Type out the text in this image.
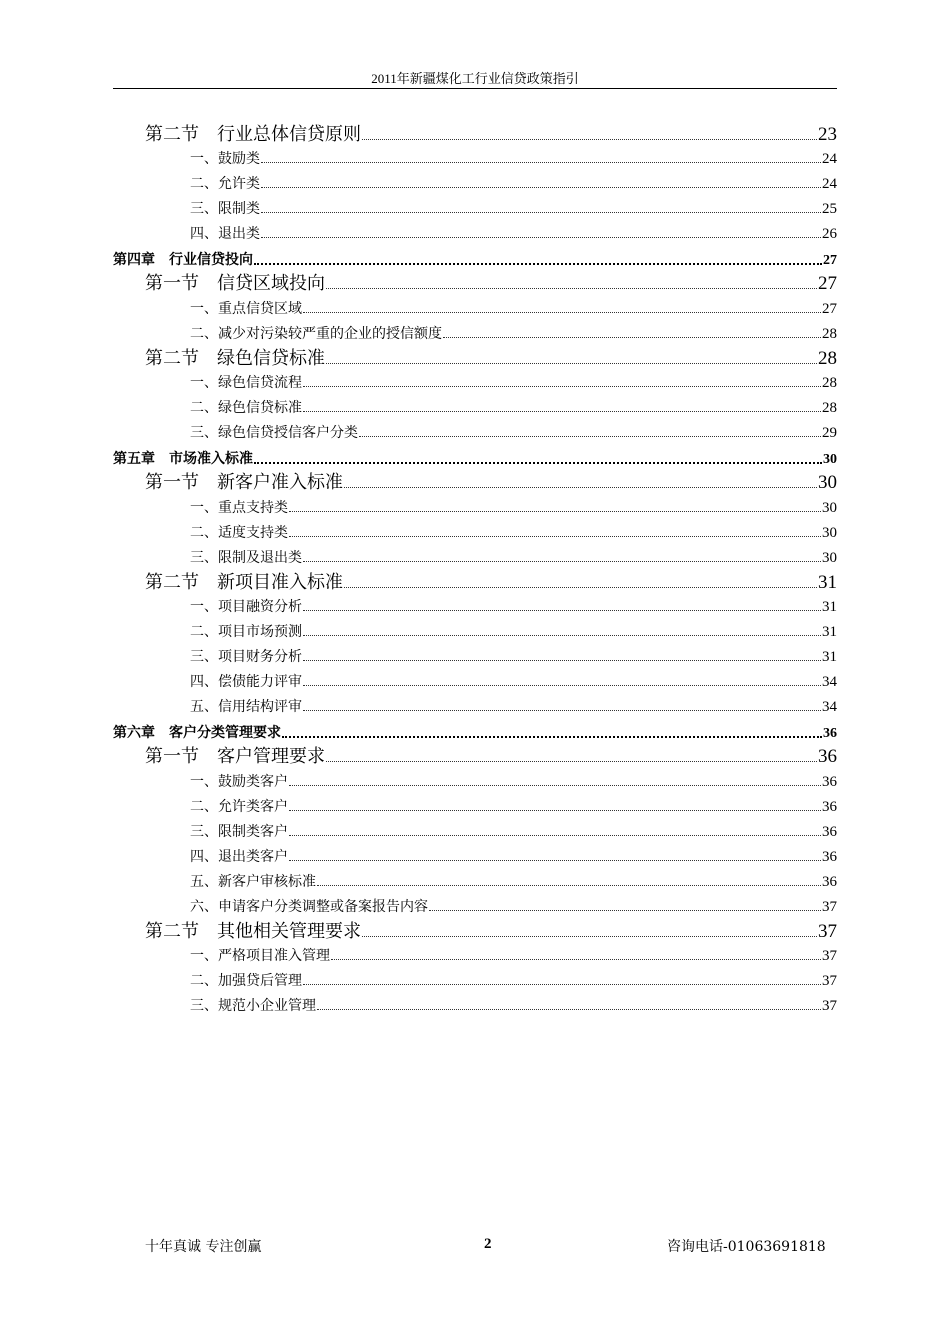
2011年新疆煤化工行业信贷政策指引
第二节　行业总体信贷原则	23
一、鼓励类	24
二、允许类	24
三、限制类	25
四、退出类	26
第四章　行业信贷投向	27
第一节　信贷区域投向	27
一、重点信贷区域	27
二、减少对污染较严重的企业的授信额度	28
第二节　绿色信贷标准	28
一、绿色信贷流程	28
二、绿色信贷标准	28
三、绿色信贷授信客户分类	29
第五章　市场准入标准	30
第一节　新客户准入标准	30
一、重点支持类	30
二、适度支持类	30
三、限制及退出类	30
第二节　新项目准入标准	31
一、项目融资分析	31
二、项目市场预测	31
三、项目财务分析	31
四、偿债能力评审	34
五、信用结构评审	34
第六章　客户分类管理要求	36
第一节　客户管理要求	36
一、鼓励类客户	36
二、允许类客户	36
三、限制类客户	36
四、退出类客户	36
五、新客户审核标准	36
六、申请客户分类调整或备案报告内容	37
第二节　其他相关管理要求	37
一、严格项目准入管理	37
二、加强贷后管理	37
三、规范小企业管理	37
十年真诚 专注创赢	2	咨询电话-01063691818
